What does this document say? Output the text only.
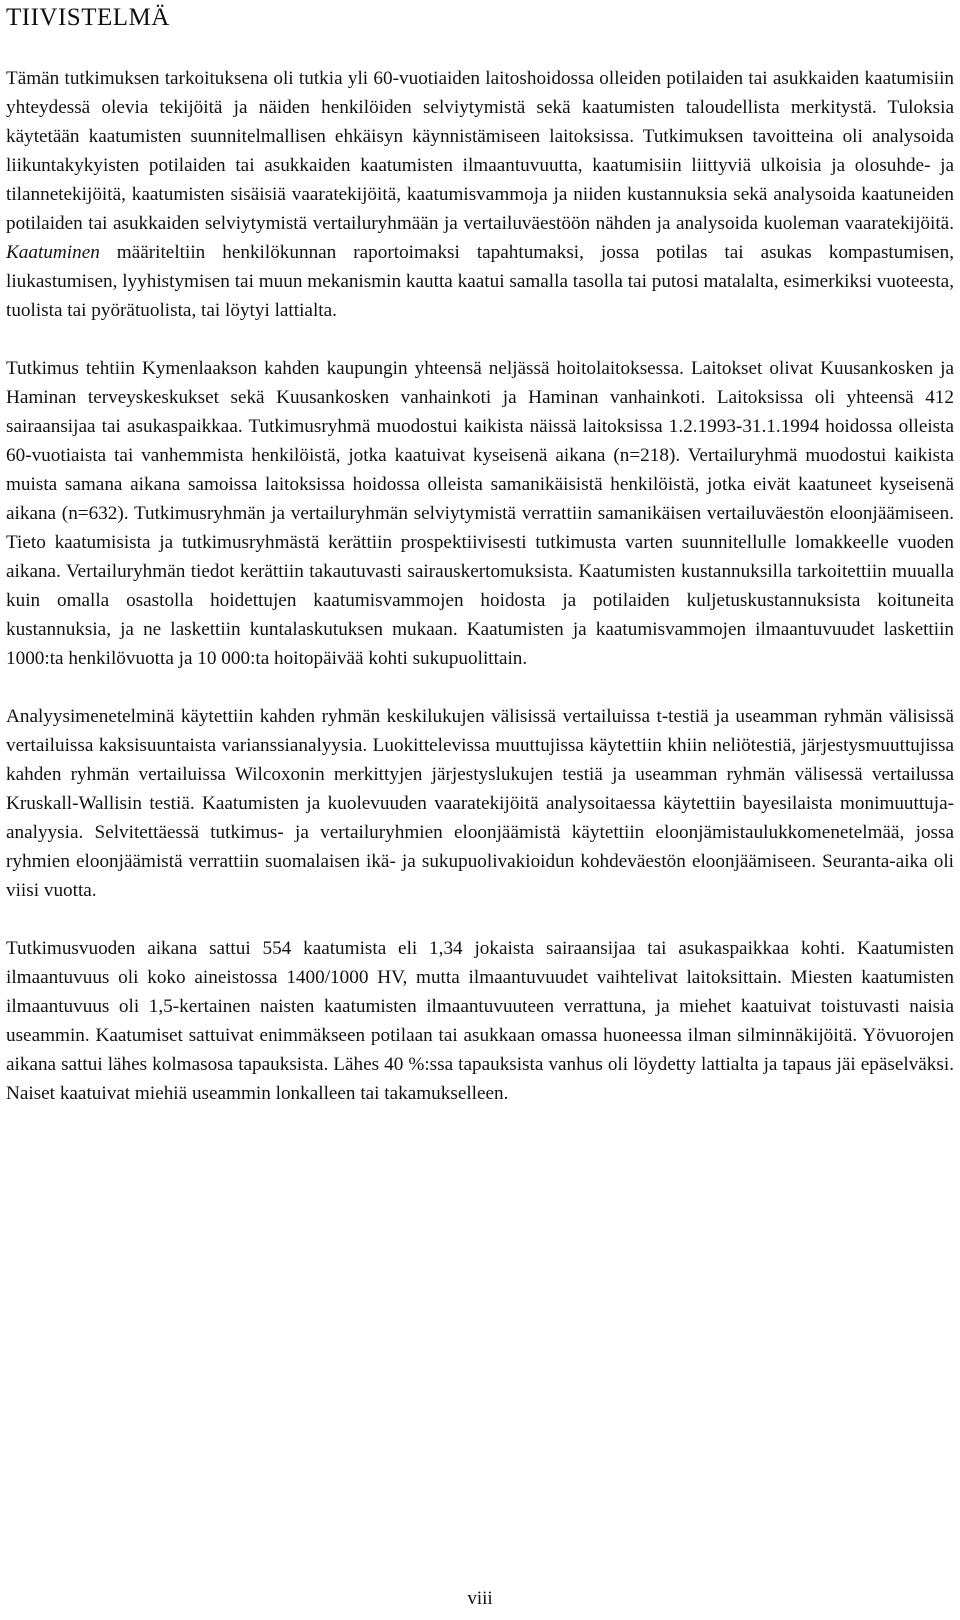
TIIVISTELMÄ

Tämän tutkimuksen tarkoituksena oli tutkia yli 60-vuotiaiden laitoshoidossa olleiden potilaiden tai asukkaiden kaatumisiin yhteydessä olevia tekijöitä ja näiden henkilöiden selviytymistä sekä kaatumisten taloudellista merkitystä. Tuloksia käytetään kaatumisten suunnitelmallisen ehkäisyn käynnistämiseen laitoksissa. Tutkimuksen tavoitteina oli analysoida liikuntakykyisten potilaiden tai asukkaiden kaatumisten ilmaantuvuutta, kaatumisiin liittyviä ulkoisia ja olosuhde- ja tilannetekijöitä, kaatumisten sisäisiä vaaratekijöitä, kaatumisvammoja ja niiden kustannuksia sekä analysoida kaatuneiden potilaiden tai asukkaiden selviytymistä vertailuryhmään ja vertailuväestöön nähden ja analysoida kuoleman vaaratekijöitä. Kaatuminen määriteltiin henkilökunnan raportoimaksi tapahtumaksi, jossa potilas tai asukas kompastumisen, liukastumisen, lyyhistymisen tai muun mekanismin kautta kaatui samalla tasolla tai putosi matalalta, esimerkiksi vuoteesta, tuolista tai pyörätuolista, tai löytyi lattialta.

Tutkimus tehtiin Kymenlaakson kahden kaupungin yhteensä neljässä hoitolaitoksessa. Laitokset olivat Kuusankosken ja Haminan terveyskeskukset sekä Kuusankosken vanhainkoti ja Haminan vanhainkoti. Laitoksissa oli yhteensä 412 sairaansijaa tai asukaspaikkaa. Tutkimusryhmä muodostui kaikista näissä laitoksissa 1.2.1993-31.1.1994 hoidossa olleista 60-vuotiaista tai vanhemmista henkilöistä, jotka kaatuivat kyseisenä aikana (n=218). Vertailuryhmä muodostui kaikista muista samana aikana samoissa laitoksissa hoidossa olleista samanikäisistä henkilöistä, jotka eivät kaatuneet kyseisenä aikana (n=632). Tutkimusryhmän ja vertailuryhmän selviytymistä verrattiin samanikäisen vertailuväestön eloonjäämiseen. Tieto kaatumisista ja tutkimusryhmästä kerättiin prospektiivisesti tutkimusta varten suunnitellulle lomakkeelle vuoden aikana. Vertailuryhmän tiedot kerättiin takautuvasti sairauskertomuksista. Kaatumisten kustannuksilla tarkoitettiin muualla kuin omalla osastolla hoidettujen kaatumisvammojen hoidosta ja potilaiden kuljetuskustannuksista koituneita kustannuksia, ja ne laskettiin kuntalaskutuksen mukaan. Kaatumisten ja kaatumisvammojen ilmaantuvuudet laskettiin 1000:ta henkilövuotta ja 10 000:ta hoitopäivää kohti sukupuolittain.

Analyysimenetelminä käytettiin kahden ryhmän keskilukujen välisissä vertailuissa t-testiä ja useamman ryhmän välisissä vertailuissa kaksisuuntaista varianssianalyysia. Luokittelevissa muuttujissa käytettiin khiin neliötestiä, järjestysmuuttujissa kahden ryhmän vertailuissa Wilcoxonin merkittyjen järjestyslukujen testiä ja useamman ryhmän välisessä vertailussa Kruskall-Wallisin testiä. Kaatumisten ja kuolevuuden vaaratekijöitä analysoitaessa käytettiin bayesilaista monimuuttuja-analyysia. Selvitettäessä tutkimus- ja vertailuryhmien eloonjäämistä käytettiin eloonjämistaulukkomenetelmää, jossa ryhmien eloonjäämistä verrattiin suomalaisen ikä- ja sukupuolivakioidun kohdeväestön eloonjäämiseen. Seuranta-aika oli viisi vuotta.

Tutkimusvuoden aikana sattui 554 kaatumista eli 1,34 jokaista sairaansijaa tai asukaspaikkaa kohti. Kaatumisten ilmaantuvuus oli koko aineistossa 1400/1000 HV, mutta ilmaantuvuudet vaihtelivat laitoksittain. Miesten kaatumisten ilmaantuvuus oli 1,5-kertainen naisten kaatumisten ilmaantuvuuteen verrattuna, ja miehet kaatuivat toistuvasti naisia useammin. Kaatumiset sattuivat enimmäkseen potilaan tai asukkaan omassa huoneessa ilman silminnäkijöitä. Yövuorojen aikana sattui lähes kolmasosa tapauksista. Lähes 40 %:ssa tapauksista vanhus oli löydetty lattialta ja tapaus jäi epäselväksi. Naiset kaatuivat miehiä useammin lonkalleen tai takamukselleen.

viii
